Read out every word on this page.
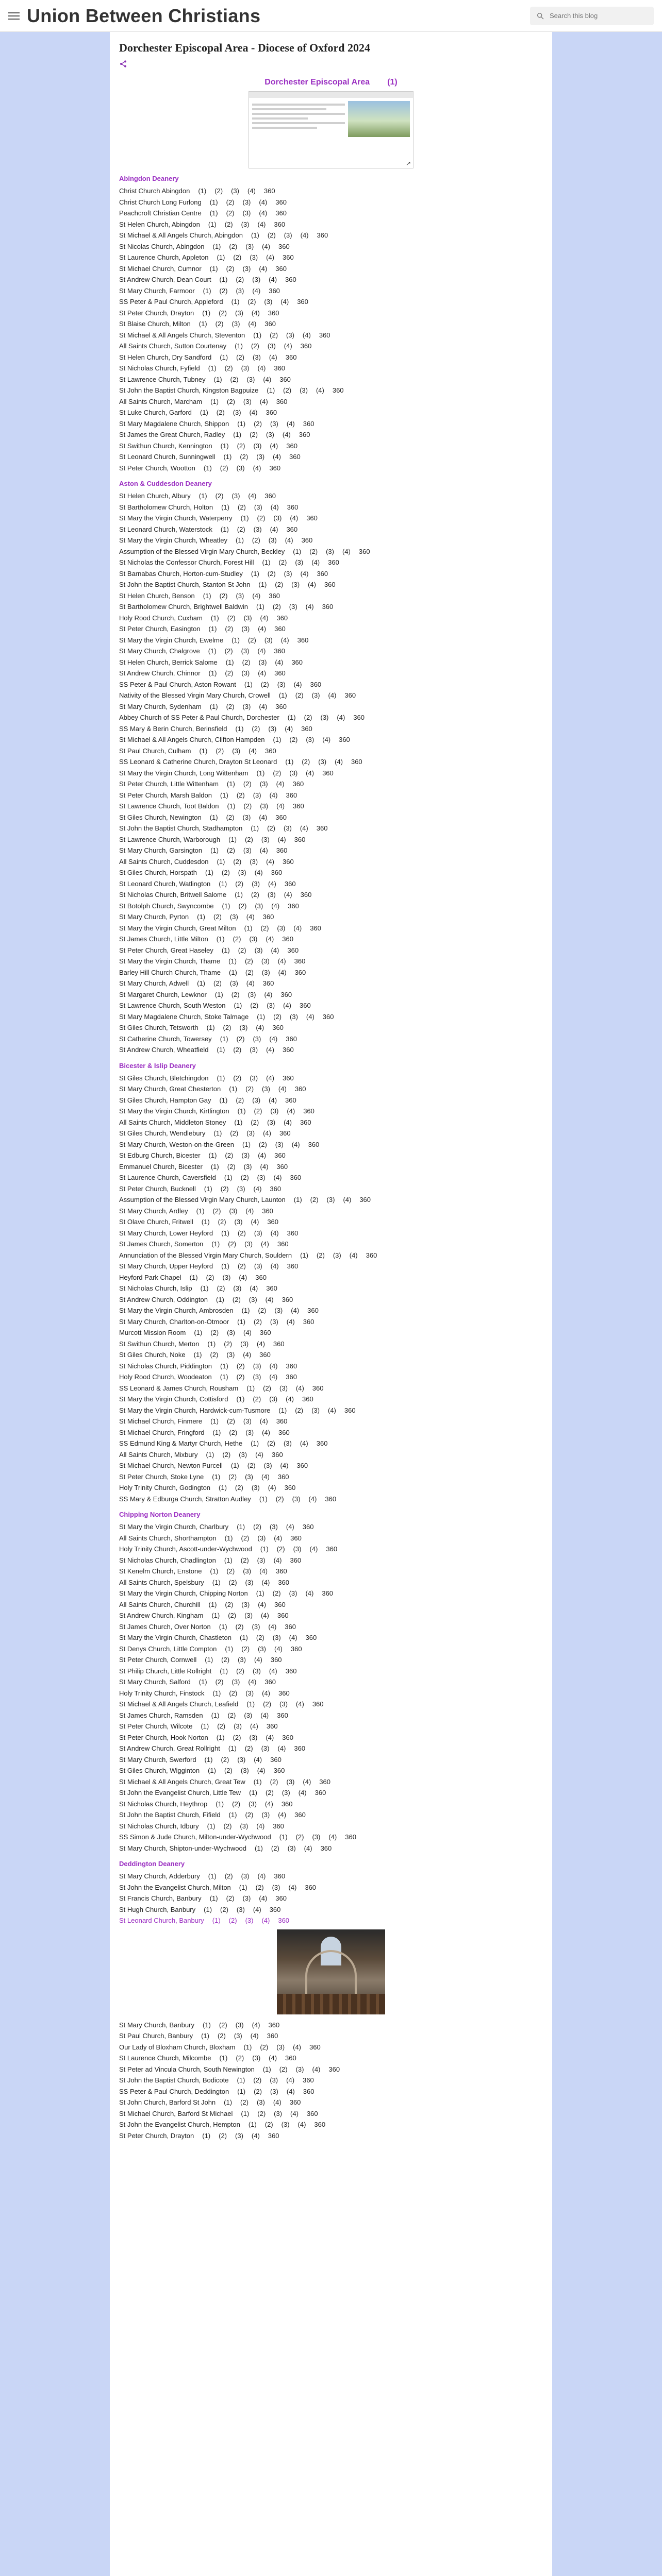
Union Between Christians
Search this blog
Dorchester Episcopal Area - Diocese of Oxford 2024
Dorchester Episcopal Area (1)
↗
Abingdon Deanery
Christ Church Abingdon (1) (2) (3) (4) 360
Christ Church Long Furlong (1) (2) (3) (4) 360
Peachcroft Christian Centre (1) (2) (3) (4) 360
St Helen Church, Abingdon (1) (2) (3) (4) 360
St Michael & All Angels Church, Abingdon (1) (2) (3) (4) 360
St Nicolas Church, Abingdon (1) (2) (3) (4) 360
St Laurence Church, Appleton (1) (2) (3) (4) 360
St Michael Church, Cumnor (1) (2) (3) (4) 360
St Andrew Church, Dean Court (1) (2) (3) (4) 360
St Mary Church, Farmoor (1) (2) (3) (4) 360
SS Peter & Paul Church, Appleford (1) (2) (3) (4) 360
St Peter Church, Drayton (1) (2) (3) (4) 360
St Blaise Church, Milton (1) (2) (3) (4) 360
St Michael & All Angels Church, Steventon (1) (2) (3) (4) 360
All Saints Church, Sutton Courtenay (1) (2) (3) (4) 360
St Helen Church, Dry Sandford (1) (2) (3) (4) 360
St Nicholas Church, Fyfield (1) (2) (3) (4) 360
St Lawrence Church, Tubney (1) (2) (3) (4) 360
St John the Baptist Church, Kingston Bagpuize (1) (2) (3) (4) 360
All Saints Church, Marcham (1) (2) (3) (4) 360
St Luke Church, Garford (1) (2) (3) (4) 360
St Mary Magdalene Church, Shippon (1) (2) (3) (4) 360
St James the Great Church, Radley (1) (2) (3) (4) 360
St Swithun Church, Kennington (1) (2) (3) (4) 360
St Leonard Church, Sunningwell (1) (2) (3) (4) 360
St Peter Church, Wootton (1) (2) (3) (4) 360
Aston & Cuddesdon Deanery
St Helen Church, Albury (1) (2) (3) (4) 360
St Bartholomew Church, Holton (1) (2) (3) (4) 360
St Mary the Virgin Church, Waterperry (1) (2) (3) (4) 360
St Leonard Church, Waterstock (1) (2) (3) (4) 360
St Mary the Virgin Church, Wheatley (1) (2) (3) (4) 360
Assumption of the Blessed Virgin Mary Church, Beckley (1) (2) (3) (4) 360
St Nicholas the Confessor Church, Forest Hill (1) (2) (3) (4) 360
St Barnabas Church, Horton-cum-Studley (1) (2) (3) (4) 360
St John the Baptist Church, Stanton St John (1) (2) (3) (4) 360
St Helen Church, Benson (1) (2) (3) (4) 360
St Bartholomew Church, Brightwell Baldwin (1) (2) (3) (4) 360
Holy Rood Church, Cuxham (1) (2) (3) (4) 360
St Peter Church, Easington (1) (2) (3) (4) 360
St Mary the Virgin Church, Ewelme (1) (2) (3) (4) 360
St Mary Church, Chalgrove (1) (2) (3) (4) 360
St Helen Church, Berrick Salome (1) (2) (3) (4) 360
St Andrew Church, Chinnor (1) (2) (3) (4) 360
SS Peter & Paul Church, Aston Rowant (1) (2) (3) (4) 360
Nativity of the Blessed Virgin Mary Church, Crowell (1) (2) (3) (4) 360
St Mary Church, Sydenham (1) (2) (3) (4) 360
Abbey Church of SS Peter & Paul Church, Dorchester (1) (2) (3) (4) 360
SS Mary & Berin Church, Berinsfield (1) (2) (3) (4) 360
St Michael & All Angels Church, Clifton Hampden (1) (2) (3) (4) 360
St Paul Church, Culham (1) (2) (3) (4) 360
SS Leonard & Catherine Church, Drayton St Leonard (1) (2) (3) (4) 360
St Mary the Virgin Church, Long Wittenham (1) (2) (3) (4) 360
St Peter Church, Little Wittenham (1) (2) (3) (4) 360
St Peter Church, Marsh Baldon (1) (2) (3) (4) 360
St Lawrence Church, Toot Baldon (1) (2) (3) (4) 360
St Giles Church, Newington (1) (2) (3) (4) 360
St John the Baptist Church, Stadhampton (1) (2) (3) (4) 360
St Lawrence Church, Warborough (1) (2) (3) (4) 360
St Mary Church, Garsington (1) (2) (3) (4) 360
All Saints Church, Cuddesdon (1) (2) (3) (4) 360
St Giles Church, Horspath (1) (2) (3) (4) 360
St Leonard Church, Watlington (1) (2) (3) (4) 360
St Nicholas Church, Britwell Salome (1) (2) (3) (4) 360
St Botolph Church, Swyncombe (1) (2) (3) (4) 360
St Mary Church, Pyrton (1) (2) (3) (4) 360
St Mary the Virgin Church, Great Milton (1) (2) (3) (4) 360
St James Church, Little Milton (1) (2) (3) (4) 360
St Peter Church, Great Haseley (1) (2) (3) (4) 360
St Mary the Virgin Church, Thame (1) (2) (3) (4) 360
Barley Hill Church Church, Thame (1) (2) (3) (4) 360
St Mary Church, Adwell (1) (2) (3) (4) 360
St Margaret Church, Lewknor (1) (2) (3) (4) 360
St Lawrence Church, South Weston (1) (2) (3) (4) 360
St Mary Magdalene Church, Stoke Talmage (1) (2) (3) (4) 360
St Giles Church, Tetsworth (1) (2) (3) (4) 360
St Catherine Church, Towersey (1) (2) (3) (4) 360
St Andrew Church, Wheatfield (1) (2) (3) (4) 360
Bicester & Islip Deanery
St Giles Church, Bletchingdon (1) (2) (3) (4) 360
St Mary Church, Great Chesterton (1) (2) (3) (4) 360
St Giles Church, Hampton Gay (1) (2) (3) (4) 360
St Mary the Virgin Church, Kirtlington (1) (2) (3) (4) 360
All Saints Church, Middleton Stoney (1) (2) (3) (4) 360
St Giles Church, Wendlebury (1) (2) (3) (4) 360
St Mary Church, Weston-on-the-Green (1) (2) (3) (4) 360
St Edburg Church, Bicester (1) (2) (3) (4) 360
Emmanuel Church, Bicester (1) (2) (3) (4) 360
St Laurence Church, Caversfield (1) (2) (3) (4) 360
St Peter Church, Bucknell (1) (2) (3) (4) 360
Assumption of the Blessed Virgin Mary Church, Launton (1) (2) (3) (4) 360
St Mary Church, Ardley (1) (2) (3) (4) 360
St Olave Church, Fritwell (1) (2) (3) (4) 360
St Mary Church, Lower Heyford (1) (2) (3) (4) 360
St James Church, Somerton (1) (2) (3) (4) 360
Annunciation of the Blessed Virgin Mary Church, Souldern (1) (2) (3) (4) 360
St Mary Church, Upper Heyford (1) (2) (3) (4) 360
Heyford Park Chapel (1) (2) (3) (4) 360
St Nicholas Church, Islip (1) (2) (3) (4) 360
St Andrew Church, Oddington (1) (2) (3) (4) 360
St Mary the Virgin Church, Ambrosden (1) (2) (3) (4) 360
St Mary Church, Charlton-on-Otmoor (1) (2) (3) (4) 360
Murcott Mission Room (1) (2) (3) (4) 360
St Swithun Church, Merton (1) (2) (3) (4) 360
St Giles Church, Noke (1) (2) (3) (4) 360
St Nicholas Church, Piddington (1) (2) (3) (4) 360
Holy Rood Church, Woodeaton (1) (2) (3) (4) 360
SS Leonard & James Church, Rousham (1) (2) (3) (4) 360
St Mary the Virgin Church, Cottisford (1) (2) (3) (4) 360
St Mary the Virgin Church, Hardwick-cum-Tusmore (1) (2) (3) (4) 360
St Michael Church, Finmere (1) (2) (3) (4) 360
St Michael Church, Fringford (1) (2) (3) (4) 360
SS Edmund King & Martyr Church, Hethe (1) (2) (3) (4) 360
All Saints Church, Mixbury (1) (2) (3) (4) 360
St Michael Church, Newton Purcell (1) (2) (3) (4) 360
St Peter Church, Stoke Lyne (1) (2) (3) (4) 360
Holy Trinity Church, Godington (1) (2) (3) (4) 360
SS Mary & Edburga Church, Stratton Audley (1) (2) (3) (4) 360
Chipping Norton Deanery
St Mary the Virgin Church, Charlbury (1) (2) (3) (4) 360
All Saints Church, Shorthampton (1) (2) (3) (4) 360
Holy Trinity Church, Ascott-under-Wychwood (1) (2) (3) (4) 360
St Nicholas Church, Chadlington (1) (2) (3) (4) 360
St Kenelm Church, Enstone (1) (2) (3) (4) 360
All Saints Church, Spelsbury (1) (2) (3) (4) 360
St Mary the Virgin Church, Chipping Norton (1) (2) (3) (4) 360
All Saints Church, Churchill (1) (2) (3) (4) 360
St Andrew Church, Kingham (1) (2) (3) (4) 360
St James Church, Over Norton (1) (2) (3) (4) 360
St Mary the Virgin Church, Chastleton (1) (2) (3) (4) 360
St Denys Church, Little Compton (1) (2) (3) (4) 360
St Peter Church, Cornwell (1) (2) (3) (4) 360
St Philip Church, Little Rollright (1) (2) (3) (4) 360
St Mary Church, Salford (1) (2) (3) (4) 360
Holy Trinity Church, Finstock (1) (2) (3) (4) 360
St Michael & All Angels Church, Leafield (1) (2) (3) (4) 360
St James Church, Ramsden (1) (2) (3) (4) 360
St Peter Church, Wilcote (1) (2) (3) (4) 360
St Peter Church, Hook Norton (1) (2) (3) (4) 360
St Andrew Church, Great Rollright (1) (2) (3) (4) 360
St Mary Church, Swerford (1) (2) (3) (4) 360
St Giles Church, Wigginton (1) (2) (3) (4) 360
St Michael & All Angels Church, Great Tew (1) (2) (3) (4) 360
St John the Evangelist Church, Little Tew (1) (2) (3) (4) 360
St Nicholas Church, Heythrop (1) (2) (3) (4) 360
St John the Baptist Church, Fifield (1) (2) (3) (4) 360
St Nicholas Church, Idbury (1) (2) (3) (4) 360
SS Simon & Jude Church, Milton-under-Wychwood (1) (2) (3) (4) 360
St Mary Church, Shipton-under-Wychwood (1) (2) (3) (4) 360
Deddington Deanery
St Mary Church, Adderbury (1) (2) (3) (4) 360
St John the Evangelist Church, Milton (1) (2) (3) (4) 360
St Francis Church, Banbury (1) (2) (3) (4) 360
St Hugh Church, Banbury (1) (2) (3) (4) 360
St Leonard Church, Banbury (1) (2) (3) (4) 360
St Mary Church, Banbury (1) (2) (3) (4) 360
St Paul Church, Banbury (1) (2) (3) (4) 360
Our Lady of Bloxham Church, Bloxham (1) (2) (3) (4) 360
St Laurence Church, Milcombe (1) (2) (3) (4) 360
St Peter ad Vincula Church, South Newington (1) (2) (3) (4) 360
St John the Baptist Church, Bodicote (1) (2) (3) (4) 360
SS Peter & Paul Church, Deddington (1) (2) (3) (4) 360
St John Church, Barford St John (1) (2) (3) (4) 360
St Michael Church, Barford St Michael (1) (2) (3) (4) 360
St John the Evangelist Church, Hempton (1) (2) (3) (4) 360
St Peter Church, Drayton (1) (2) (3) (4) 360
